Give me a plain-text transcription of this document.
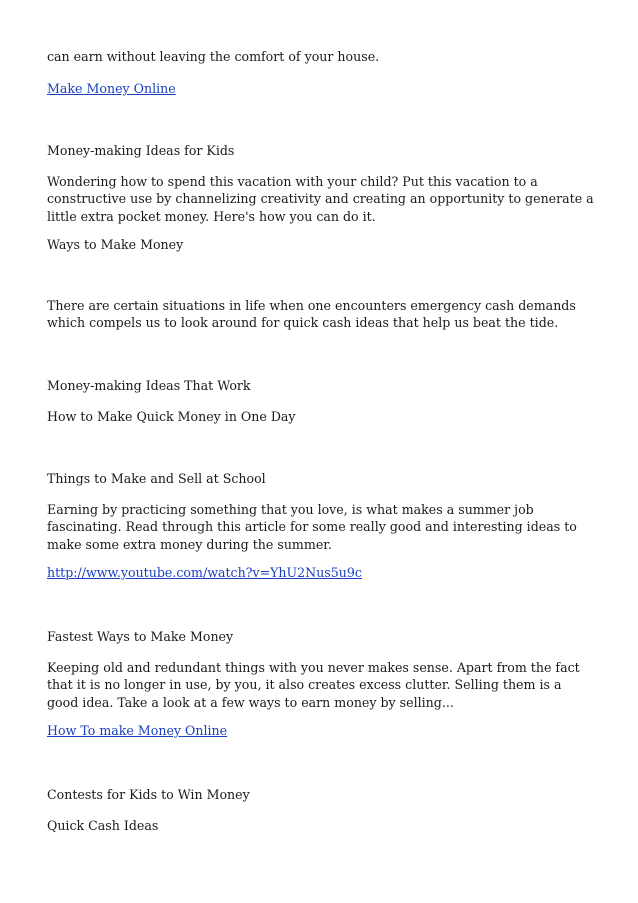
can earn without leaving the comfort of your house.

Make Money Online

Money-making Ideas for Kids

Wondering how to spend this vacation with your child? Put this vacation to a constructive use by channelizing creativity and creating an opportunity to generate a little extra pocket money. Here's how you can do it.

Ways to Make Money

There are certain situations in life when one encounters emergency cash demands which compels us to look around for quick cash ideas that help us beat the tide.

Money-making Ideas That Work

How to Make Quick Money in One Day

Things to Make and Sell at School

Earning by practicing something that you love, is what makes a summer job fascinating. Read through this article for some really good and interesting ideas to make some extra money during the summer.

http://www.youtube.com/watch?v=YhU2Nus5u9c

Fastest Ways to Make Money

Keeping old and redundant things with you never makes sense. Apart from the fact that it is no longer in use, by you, it also creates excess clutter. Selling them is a good idea. Take a look at a few ways to earn money by selling...

How To make Money Online

Contests for Kids to Win Money

Quick Cash Ideas
